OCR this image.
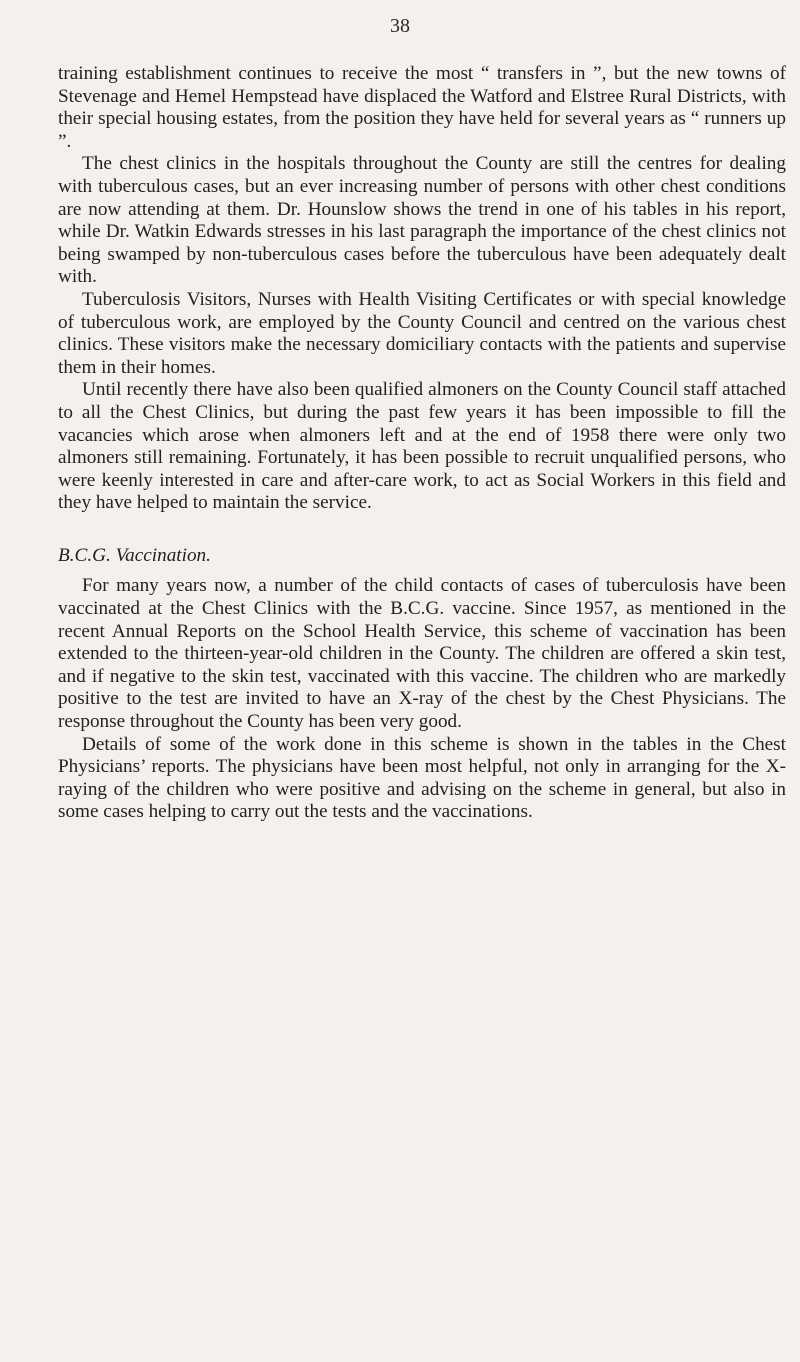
38

training establishment continues to receive the most “ transfers in ”, but the new towns of Stevenage and Hemel Hempstead have displaced the Watford and Elstree Rural Districts, with their special housing estates, from the position they have held for several years as “ runners up ”.

The chest clinics in the hospitals throughout the County are still the centres for dealing with tuberculous cases, but an ever increasing number of persons with other chest conditions are now attending at them. Dr. Hounslow shows the trend in one of his tables in his report, while Dr. Watkin Edwards stresses in his last paragraph the importance of the chest clinics not being swamped by non-tuberculous cases before the tuberculous have been adequately dealt with.

Tuberculosis Visitors, Nurses with Health Visiting Certificates or with special knowledge of tuberculous work, are employed by the County Council and centred on the various chest clinics. These visitors make the necessary domiciliary contacts with the patients and supervise them in their homes.

Until recently there have also been qualified almoners on the County Council staff attached to all the Chest Clinics, but during the past few years it has been impossible to fill the vacancies which arose when almoners left and at the end of 1958 there were only two almoners still remaining. Fortunately, it has been possible to recruit unqualified persons, who were keenly interested in care and after-care work, to act as Social Workers in this field and they have helped to maintain the service.

B.C.G. Vaccination.

For many years now, a number of the child contacts of cases of tuberculosis have been vaccinated at the Chest Clinics with the B.C.G. vaccine. Since 1957, as mentioned in the recent Annual Reports on the School Health Service, this scheme of vaccination has been extended to the thirteen-year-old children in the County. The children are offered a skin test, and if negative to the skin test, vaccinated with this vaccine. The children who are markedly positive to the test are invited to have an X-ray of the chest by the Chest Physicians. The response throughout the County has been very good.

Details of some of the work done in this scheme is shown in the tables in the Chest Physicians’ reports. The physicians have been most helpful, not only in arranging for the X-raying of the children who were positive and advising on the scheme in general, but also in some cases helping to carry out the tests and the vaccinations.
